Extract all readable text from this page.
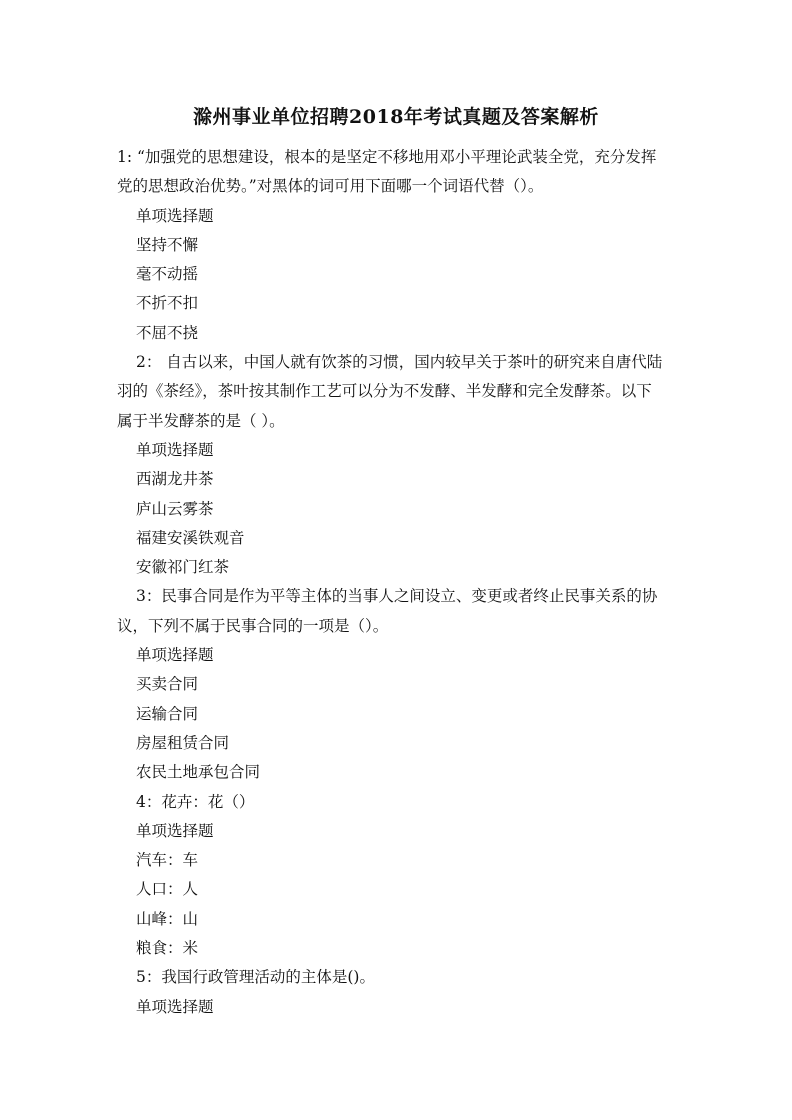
滁州事业单位招聘2018年考试真题及答案解析
1: “加强党的思想建设，根本的是坚定不移地用邓小平理论武装全党，充分发挥
党的思想政治优势。”对黑体的词可用下面哪一个词语代替（）。
单项选择题
坚持不懈
毫不动摇
不折不扣
不屈不挠
2： 自古以来，中国人就有饮茶的习惯，国内较早关于茶叶的研究来自唐代陆
羽的《茶经》，茶叶按其制作工艺可以分为不发酵、半发酵和完全发酵茶。以下
属于半发酵茶的是（ ）。
单项选择题
西湖龙井茶
庐山云雾茶
福建安溪铁观音
安徽祁门红茶
3：民事合同是作为平等主体的当事人之间设立、变更或者终止民事关系的协
议，下列不属于民事合同的一项是（）。
单项选择题
买卖合同
运输合同
房屋租赁合同
农民土地承包合同
4：花卉：花（）
单项选择题
汽车：车
人口：人
山峰：山
粮食：米
5：我国行政管理活动的主体是()。
单项选择题
